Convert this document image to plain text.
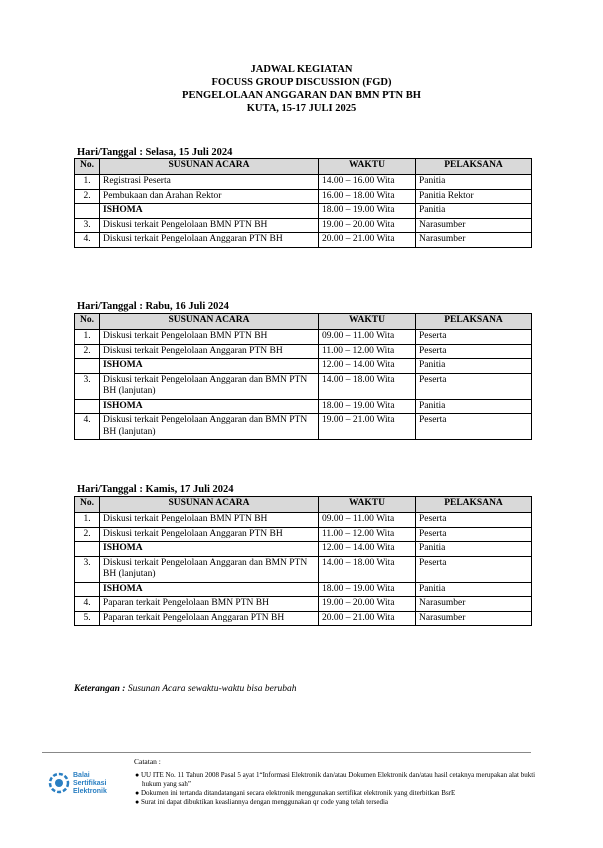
JADWAL KEGIATAN
FOCUSS GROUP DISCUSSION (FGD)
PENGELOLAAN ANGGARAN DAN BMN PTN BH
KUTA, 15-17 JULI 2025
Hari/Tanggal : Selasa, 15 Juli 2024
No.	SUSUNAN ACARA	WAKTU	PELAKSANA
1.	Registrasi Peserta	14.00 – 16.00 Wita	Panitia
2.	Pembukaan dan Arahan Rektor	16.00 – 18.00 Wita	Panitia Rektor
	ISHOMA	18.00 – 19.00 Wita	Panitia
3.	Diskusi terkait Pengelolaan BMN PTN BH	19.00 – 20.00 Wita	Narasumber
4.	Diskusi terkait Pengelolaan Anggaran PTN BH	20.00 – 21.00 Wita	Narasumber
Hari/Tanggal : Rabu, 16 Juli 2024
No.	SUSUNAN ACARA	WAKTU	PELAKSANA
1.	Diskusi terkait Pengelolaan BMN PTN BH	09.00 – 11.00 Wita	Peserta
2.	Diskusi terkait Pengelolaan Anggaran PTN BH	11.00 – 12.00 Wita	Peserta
	ISHOMA	12.00 – 14.00 Wita	Panitia
3.	Diskusi terkait Pengelolaan Anggaran dan BMN PTN BH (lanjutan)	14.00 – 18.00 Wita	Peserta
	ISHOMA	18.00 – 19.00 Wita	Panitia
4.	Diskusi terkait Pengelolaan Anggaran dan BMN PTN BH (lanjutan)	19.00 – 21.00 Wita	Peserta
Hari/Tanggal : Kamis, 17 Juli 2024
No.	SUSUNAN ACARA	WAKTU	PELAKSANA
1.	Diskusi terkait Pengelolaan BMN PTN BH	09.00 – 11.00 Wita	Peserta
2.	Diskusi terkait Pengelolaan Anggaran PTN BH	11.00 – 12.00 Wita	Peserta
	ISHOMA	12.00 – 14.00 Wita	Panitia
3.	Diskusi terkait Pengelolaan Anggaran dan BMN PTN BH (lanjutan)	14.00 – 18.00 Wita	Peserta
	ISHOMA	18.00 – 19.00 Wita	Panitia
4.	Paparan terkait Pengelolaan BMN PTN BH	19.00 – 20.00 Wita	Narasumber
5.	Paparan terkait Pengelolaan Anggaran PTN BH	20.00 – 21.00 Wita	Narasumber
Keterangan : Susunan Acara sewaktu-waktu bisa berubah
Balai
Sertifikasi
Elektronik
Catatan :
● UU ITE No. 11 Tahun 2008 Pasal 5 ayat 1“Informasi Elektronik dan/atau Dokumen Elektronik dan/atau hasil cetaknya merupakan alat bukti hukum yang sah”
● Dokumen ini tertanda ditandatangani secara elektronik menggunakan sertifikat elektronik yang diterbitkan BsrE
● Surat ini dapat dibuktikan keasliannya dengan menggunakan qr code yang telah tersedia
